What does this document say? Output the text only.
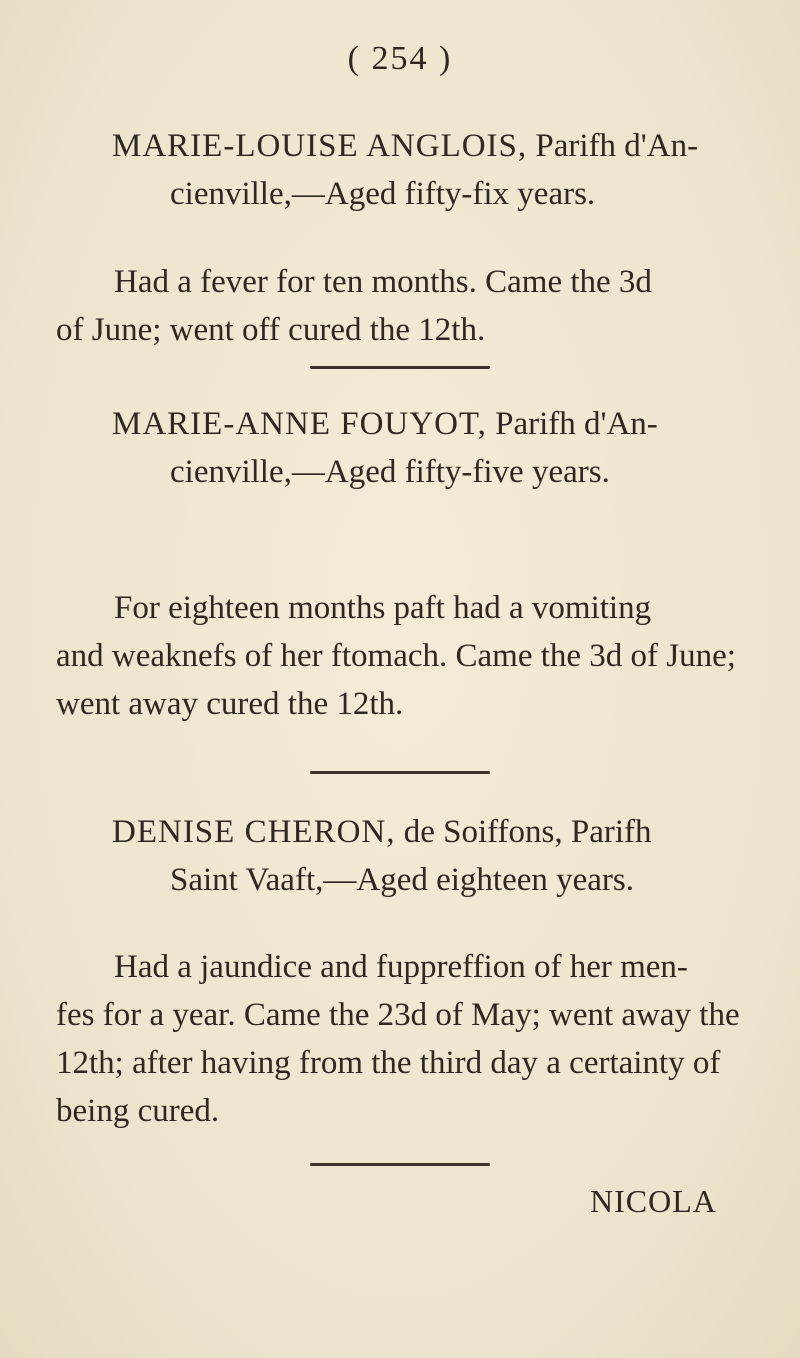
( 254 )
MARIE-LOUISE ANGLOIS, Parifh d'An-
cienville,—Aged fifty-fix years.
Had a fever for ten months. Came the 3d
of June; went off cured the 12th.
MARIE-ANNE FOUYOT, Parifh d'An-
cienville,—Aged fifty-five years.
For eighteen months paft had a vomiting
and weaknefs of her ftomach. Came the 3d of June; went away cured the 12th.
DENISE CHERON, de Soiffons, Parifh
Saint Vaaft,—Aged eighteen years.
Had a jaundice and fuppreffion of her men-
fes for a year. Came the 23d of May; went away the 12th; after having from the third day a certainty of being cured.
NICOLA
